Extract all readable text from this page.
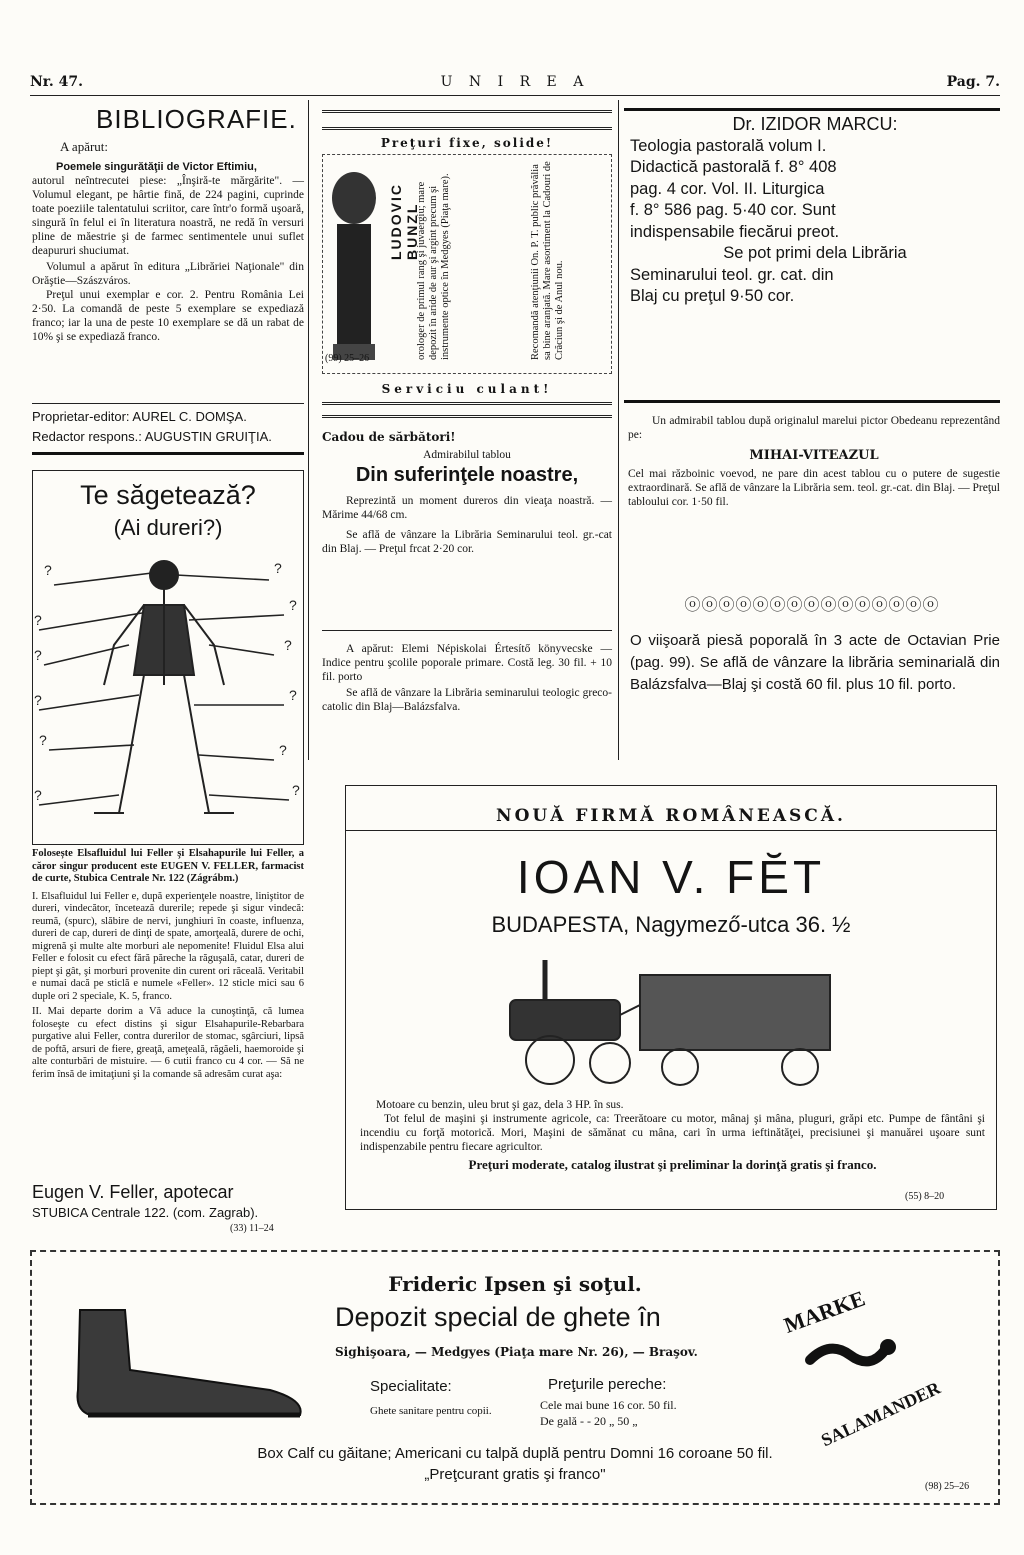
Nr. 47.	U N I R E A	Pag. 7.
BIBLIOGRAFIE.
A apărut:

Poemele singurătăţii de Victor Eftimiu,

autorul neîntrecutei piese: „Înşiră-te mărgărite". — Volumul elegant, pe hârtie fină, de 224 pagini, cuprinde toate poeziile talentatului scriitor, care într'o formă uşoară, singură în felul ei în literatura noastră, ne redă în versuri pline de măestrie şi de farmec sentimentele unui suflet deapururi shuciumat.

Volumul a apărut în editura „Librăriei Naţionale" din Orăştie—Szászváros.

Preţul unui exemplar e cor. 2. Pentru România Lei 2·50. La comandă de peste 5 exemplare se expediază franco; iar la una de peste 10 exemplare se dă un rabat de 10% şi se expediază franco.

Proprietar-editor: AUREL C. DOMŞA.
Redactor respons.: AUGUSTIN GRUIŢIA.
Te săgetează?
(Ai dureri?)
?	?
?
?
?
?
?	?
?
?
?	?

Folosește Elsafluidul lui Feller şi Elsahapurile lui Feller, a căror singur producent este EUGEN V. FELLER, farmacist de curte, Stubica Centrale Nr. 122 (Zágrábm.)

I. Elsafluidul lui Feller e, după experienţele noastre, liniştitor de dureri, vindecător, încetează durerile; repede şi sigur vindecă: reumă, (spurc), slăbire de nervi, junghiuri în coaste, influenza, dureri de cap, dureri de dinţi de spate, amorţeală, durere de ochi, migrenă şi multe alte morburi ale nepomenite! Fluidul Elsa alui Feller e folosit cu efect fără păreche la răguşală, catar, dureri de piept şi gât, şi morburi provenite din curent ori răceală. Veritabil e numai dacă pe sticlă e numele «Feller». 12 sticle mici sau 6 duple ori 2 speciale, K. 5, franco.

II. Mai departe dorim a Vă aduce la cunoştinţă, că lumea foloseşte cu efect distins şi sigur Elsahapurile-Rebarbara purgative alui Feller, contra durerilor de stomac, sgârciuri, lipsă de poftă, arsuri de fiere, greaţă, ameţeală, răgăeli, haemoroide şi alte conturbări de mistuire. — 6 cutii franco cu 4 cor. — Să ne ferim însă de imitaţiuni şi la comande să adresăm curat aşa:

Eugen V. Feller, apotecar
STUBICA Centrale 122. (com. Zagrab).
(33) 11–24
Preţuri fixe, solide!
LUDOVIC BUNZL
orologer de primul rang şi juvaergiu; mare depozit în aride de aur şi argint precum şi instrumente optice în Medgyes (Piaţa mare).	Recomandă atenţiunii On. P. T. public prăvălia sa bine aranjată. Mare asortiment la Cadouri de Crăciun şi de Anul nou.
(99) 25–26
Serviciu culant!
Cadou de sărbători!
Admirabilul tablou
Din suferinţele noastre,

Reprezintă un moment dureros din vieaţa noastră. — Mărime 44/68 cm.

Se află de vânzare la Librăria Seminarului teol. gr.-cat din Blaj. — Preţul frcat 2·20 cor.

A apărut: Elemi Népiskolai Értesítő könyvecske — Indice pentru şcolile poporale primare. Costă leg. 30 fil. + 10 fil. porto

Se află de vânzare la Librăria seminarului teologic greco-catolic din Blaj—Balázsfalva.

Dr. IZIDOR MARCU:
Teologia pastorală volum I.
Didactică pastorală f. 8° 408
pag. 4 cor. Vol. II. Liturgica
f. 8° 586 pag. 5·40 cor. Sunt
indispensabile fiecărui preot.
Se pot primi dela Librăria
Seminarului teol. gr. cat. din
Blaj cu preţul 9·50 cor.

Un admirabil tablou după originalul marelui pictor Obedeanu reprezentând pe:

MIHAI-VITEAZUL

Cel mai războinic voevod, ne pare din acest tablou cu o putere de sugestie extraordinară. Se află de vânzare la Librăria sem. teol. gr.-cat. din Blaj. — Preţul tabloului cor. 1·50 fil.

ⓞⓞⓞⓞⓞⓞⓞⓞⓞⓞⓞⓞⓞⓞⓞ
O viişoară piesă poporală în 3 acte de Octavian Prie (pag. 99). Se află de vânzare la librăria seminarială din Balázsfalva—Blaj şi costă 60 fil. plus 10 fil. porto.
NOUĂ FIRMĂ ROMÂNEASCĂ.
IOAN V. FĔT
BUDAPESTA, Nagymező-utca 36. ½

Motoare cu benzin, uleu brut şi gaz, dela 3 HP. în sus.

Tot felul de maşini şi instrumente agricole, ca: Treerătoare cu motor, mânaj şi mâna, pluguri, grăpi etc. Pumpe de fântâni şi incendiu cu forţă motorică. Mori, Maşini de sămănat cu mâna, cari în urma ieftinătăţei, precisiunei şi manuărei uşoare sunt indispenzabile pentru fiecare agricultor.

Preţuri moderate, catalog ilustrat şi preliminar la dorinţă gratis şi franco.

(55) 8–20
Frideric Ipsen şi soţul.
Depozit special de ghete în
Sighişoara, — Medgyes (Piaţa mare Nr. 26), — Braşov.
Specialitate:
Ghete sanitare pentru copii.
Preţurile pereche:
Cele mai bune 16 cor. 50 fil.
De gală - - 20 „ 50 „
MARKE
SALAMANDER
Box Calf cu găitane; Americani cu talpă duplă pentru Domni 16 coroane 50 fil.
„Preţcurant gratis şi franco"
(98) 25–26
